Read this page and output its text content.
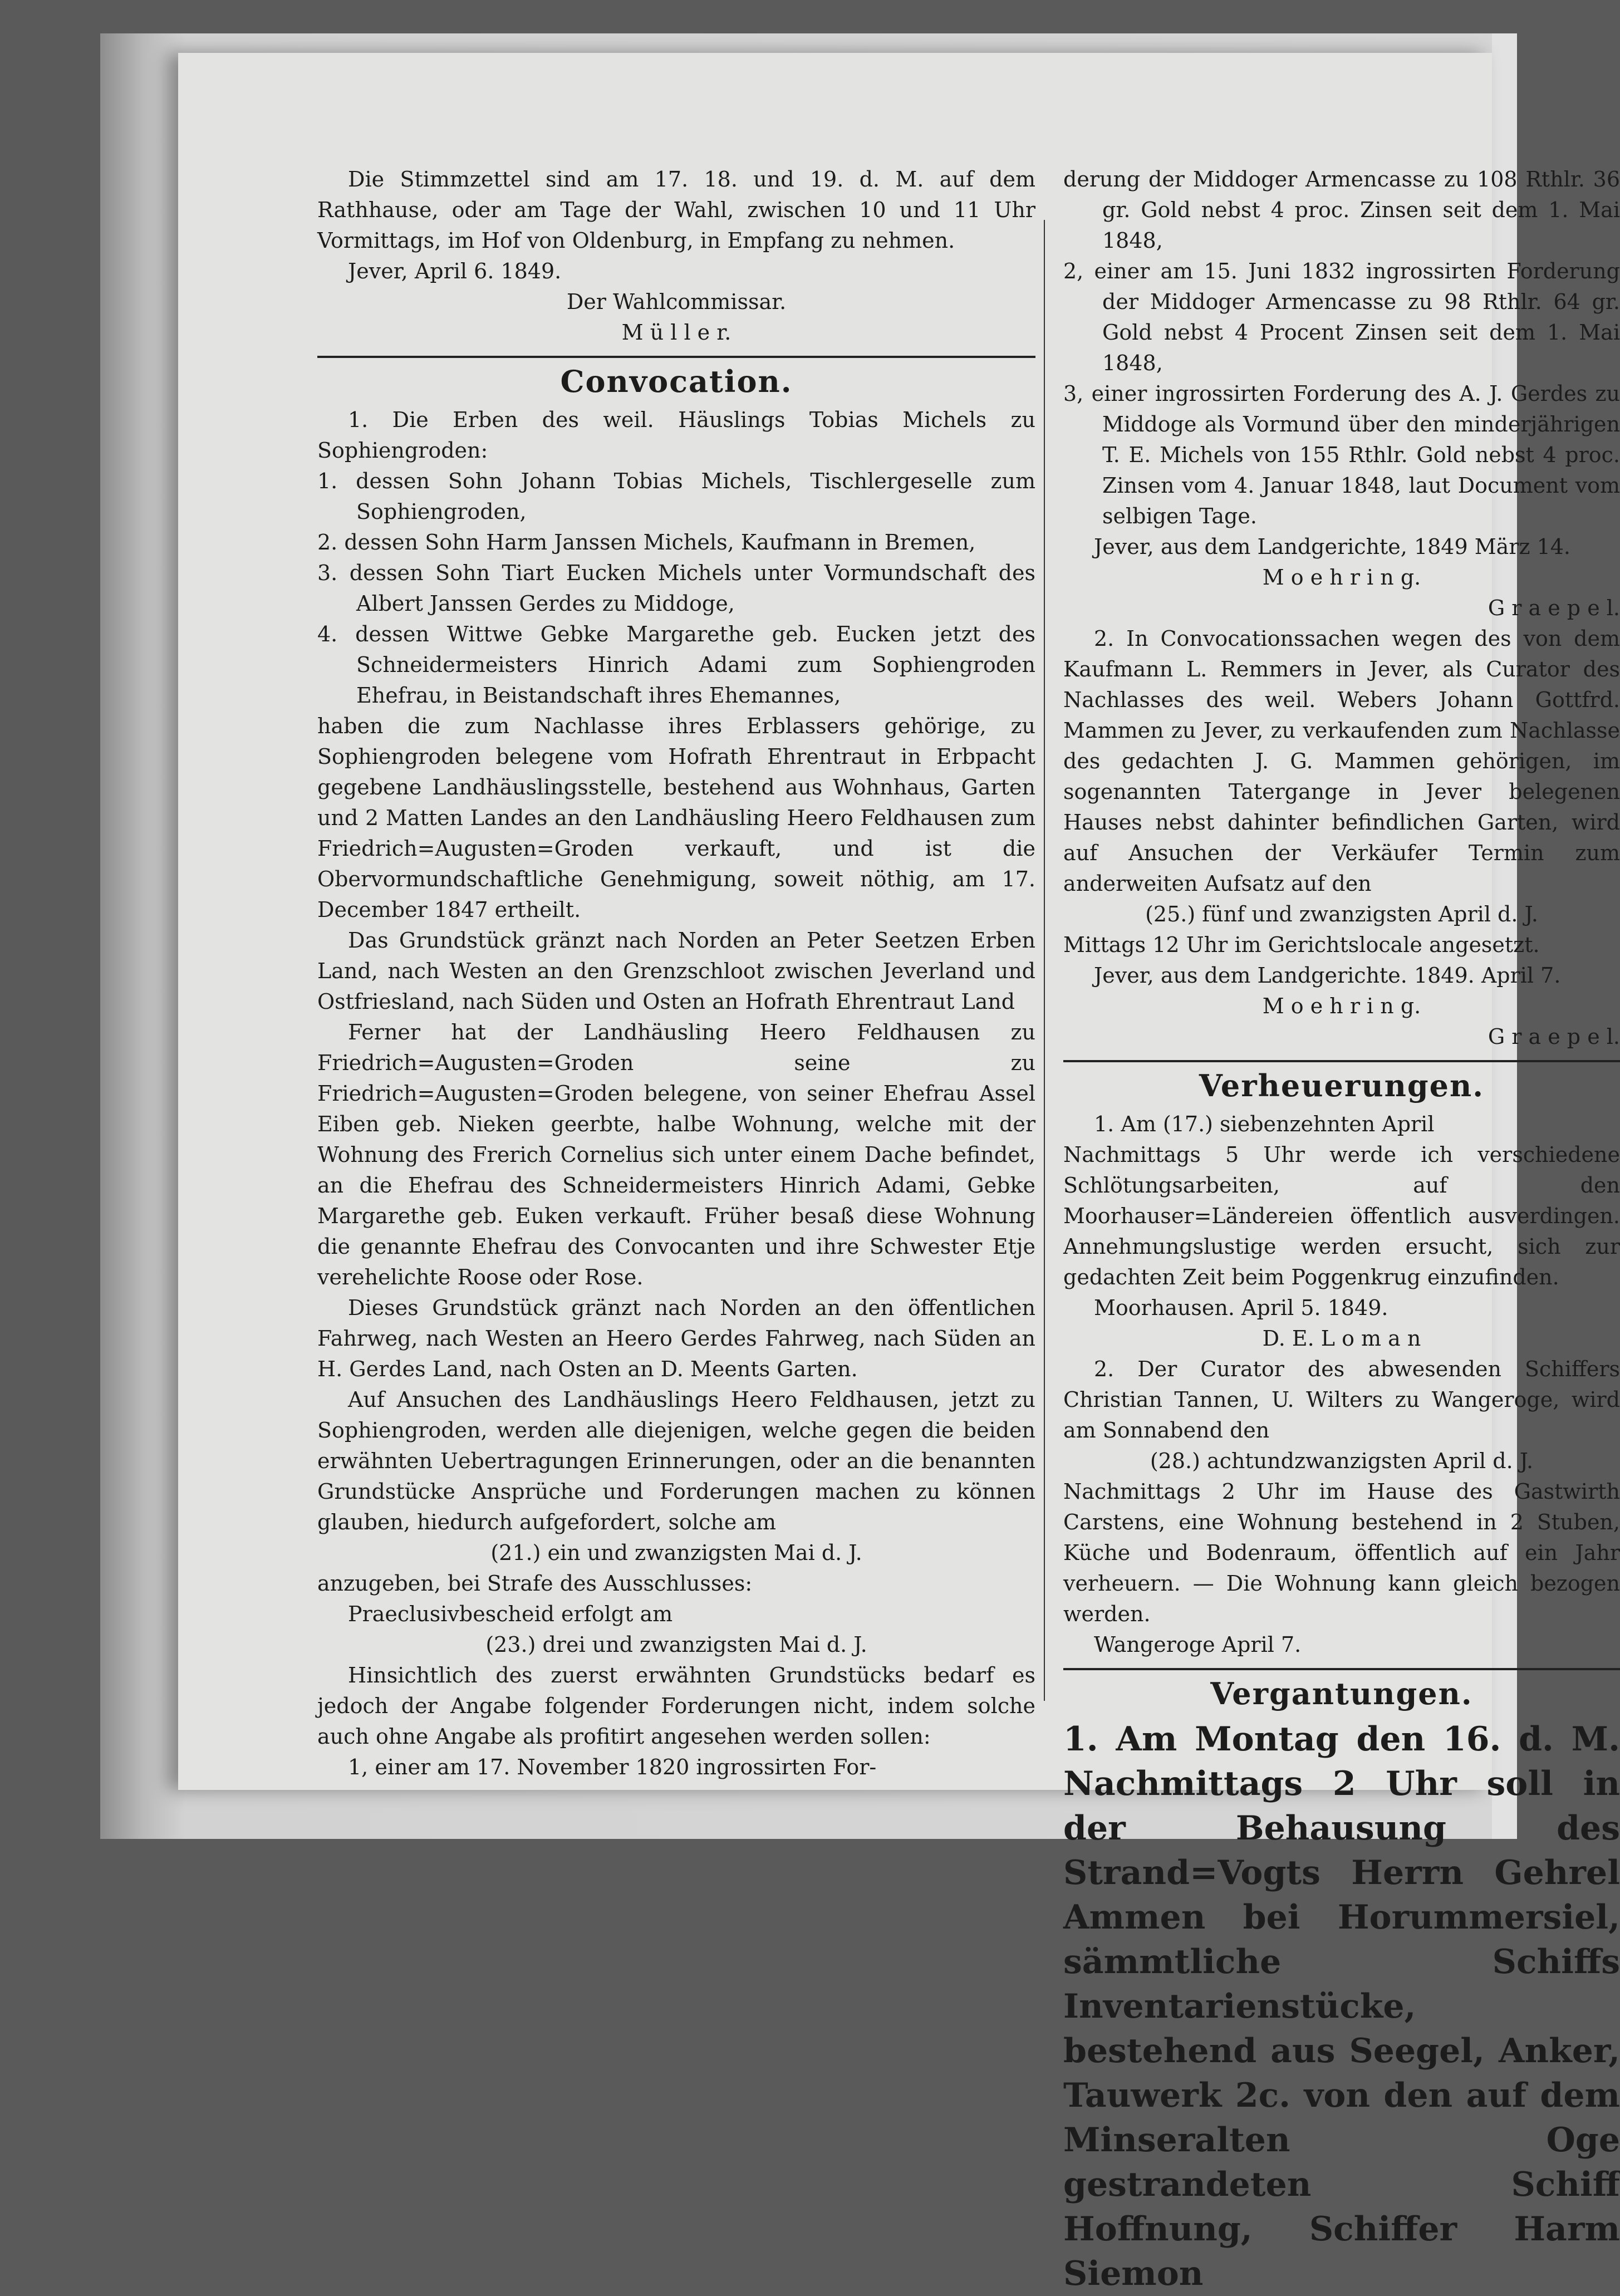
Die Stimmzettel sind am 17. 18. und 19. d. M. auf dem Rathhause, oder am Tage der Wahl, zwischen 10 und 11 Uhr Vormittags, im Hof von Oldenburg, in Empfang zu nehmen.

Jever, April 6. 1849.

Der Wahlcommissar.

M ü l l e r.

Convocation.

1. Die Erben des weil. Häuslings Tobias Michels zu Sophiengroden:

1. dessen Sohn Johann Tobias Michels, Tischlergeselle zum Sophiengroden,

2. dessen Sohn Harm Janssen Michels, Kaufmann in Bremen,

3. dessen Sohn Tiart Eucken Michels unter Vormundschaft des Albert Janssen Gerdes zu Middoge,

4. dessen Wittwe Gebke Margarethe geb. Eucken jetzt des Schneidermeisters Hinrich Adami zum Sophiengroden Ehefrau, in Beistandschaft ihres Ehemannes,

haben die zum Nachlasse ihres Erblassers gehörige, zu Sophiengroden belegene vom Hofrath Ehrentraut in Erbpacht gegebene Landhäuslingsstelle, bestehend aus Wohnhaus, Garten und 2 Matten Landes an den Landhäusling Heero Feldhausen zum Friedrich=Augusten=Groden verkauft, und ist die Obervormundschaftliche Genehmigung, soweit nöthig, am 17. December 1847 ertheilt.

Das Grundstück gränzt nach Norden an Peter Seetzen Erben Land, nach Westen an den Grenzschloot zwischen Jeverland und Ostfriesland, nach Süden und Osten an Hofrath Ehrentraut Land

Ferner hat der Landhäusling Heero Feldhausen zu Friedrich=Augusten=Groden seine zu Friedrich=Augusten=Groden belegene, von seiner Ehefrau Assel Eiben geb. Nieken geerbte, halbe Wohnung, welche mit der Wohnung des Frerich Cornelius sich unter einem Dache befindet, an die Ehefrau des Schneidermeisters Hinrich Adami, Gebke Margarethe geb. Euken verkauft. Früher besaß diese Wohnung die genannte Ehefrau des Convocanten und ihre Schwester Etje verehelichte Roose oder Rose.

Dieses Grundstück gränzt nach Norden an den öffentlichen Fahrweg, nach Westen an Heero Gerdes Fahrweg, nach Süden an H. Gerdes Land, nach Osten an D. Meents Garten.

Auf Ansuchen des Landhäuslings Heero Feldhausen, jetzt zu Sophiengroden, werden alle diejenigen, welche gegen die beiden erwähnten Uebertragungen Erinnerungen, oder an die benannten Grundstücke Ansprüche und Forderungen machen zu können glauben, hiedurch aufgefordert, solche am

(21.) ein und zwanzigsten Mai d. J.

anzugeben, bei Strafe des Ausschlusses:

Praeclusivbescheid erfolgt am

(23.) drei und zwanzigsten Mai d. J.

Hinsichtlich des zuerst erwähnten Grundstücks bedarf es jedoch der Angabe folgender Forderungen nicht, indem solche auch ohne Angabe als profitirt angesehen werden sollen:

1, einer am 17. November 1820 ingrossirten For-

derung der Middoger Armencasse zu 108 Rthlr. 36 gr. Gold nebst 4 proc. Zinsen seit dem 1. Mai 1848,

2, einer am 15. Juni 1832 ingrossirten Forderung der Middoger Armencasse zu 98 Rthlr. 64 gr. Gold nebst 4 Procent Zinsen seit dem 1. Mai 1848,

3, einer ingrossirten Forderung des A. J. Gerdes zu Middoge als Vormund über den minderjährigen T. E. Michels von 155 Rthlr. Gold nebst 4 proc. Zinsen vom 4. Januar 1848, laut Document vom selbigen Tage.

Jever, aus dem Landgerichte, 1849 März 14.

M o e h r i n g.

G r a e p e l.

2. In Convocationssachen wegen des von dem Kaufmann L. Remmers in Jever, als Curator des Nachlasses des weil. Webers Johann Gottfrd. Mammen zu Jever, zu verkaufenden zum Nachlasse des gedachten J. G. Mammen gehörigen, im sogenannten Tatergange in Jever belegenen Hauses nebst dahinter befindlichen Garten, wird auf Ansuchen der Verkäufer Termin zum anderweiten Aufsatz auf den

(25.) fünf und zwanzigsten April d. J.

Mittags 12 Uhr im Gerichtslocale angesetzt.

Jever, aus dem Landgerichte. 1849. April 7.

M o e h r i n g.

G r a e p e l.

Verheuerungen.

1. Am (17.) siebenzehnten April

Nachmittags 5 Uhr werde ich verschiedene Schlötungsarbeiten, auf den Moorhauser=Ländereien öffentlich ausverdingen. Annehmungslustige werden ersucht, sich zur gedachten Zeit beim Poggenkrug einzufinden.

Moorhausen. April 5. 1849.

D. E. L o m a n

2. Der Curator des abwesenden Schiffers Christian Tannen, U. Wilters zu Wangeroge, wird am Sonnabend den

(28.) achtundzwanzigsten April d. J.

Nachmittags 2 Uhr im Hause des Gastwirth Carstens, eine Wohnung bestehend in 2 Stuben, Küche und Bodenraum, öffentlich auf ein Jahr verheuern. — Die Wohnung kann gleich bezogen werden.

Wangeroge April 7.

Vergantungen.

1. Am Montag den 16. d. M. Nachmittags 2 Uhr soll in der Behausung des Strand=Vogts Herrn Gehrel Ammen bei Horummersiel, sämmtliche Schiffs Inventarienstücke, bestehend aus Seegel, Anker, Tauwerk 2c. von den auf dem Minseralten Oge gestrandeten Schiff Hoffnung, Schiffer Harm Siemon
